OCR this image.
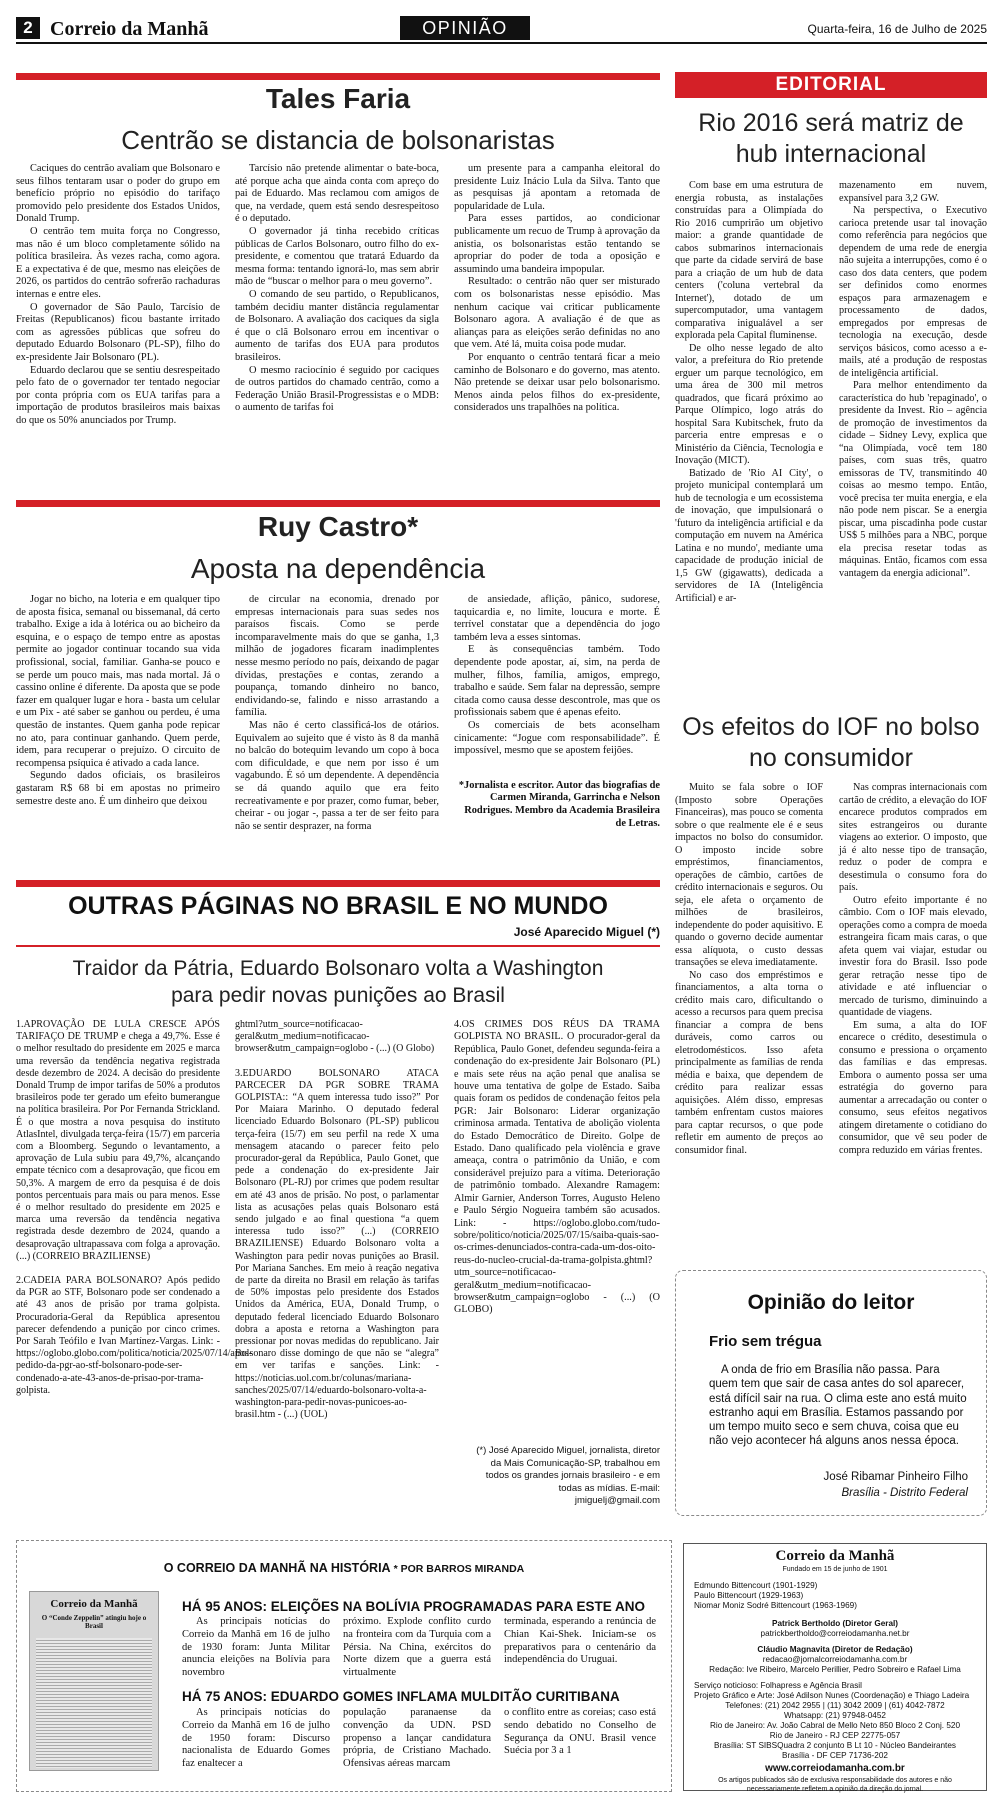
2 Correio da Manhã	OPINIÃO	Quarta-feira, 16 de Julho de 2025
Tales Faria
Centrão se distancia de bolsonaristas

Caciques do centrão avaliam que Bolsonaro e seus filhos tentaram usar o poder do grupo em benefício próprio no episódio do tarifaço promovido pelo presidente dos Estados Unidos, Donald Trump.

O centrão tem muita força no Congresso, mas não é um bloco completamente sólido na política brasileira. Às vezes racha, como agora. E a expectativa é de que, mesmo nas eleições de 2026, os partidos do centrão sofrerão rachaduras internas e entre eles.

O governador de São Paulo, Tarcísio de Freitas (Republicanos) ficou bastante irritado com as agressões públicas que sofreu do deputado Eduardo Bolsonaro (PL-SP), filho do ex-presidente Jair Bolsonaro (PL).

Eduardo declarou que se sentiu desrespeitado pelo fato de o governador ter tentado negociar por conta própria com os EUA tarifas para a importação de produtos brasileiros mais baixas do que os 50% anunciados por Trump.

Tarcísio não pretende alimentar o bate-boca, até porque acha que ainda conta com apreço do pai de Eduardo. Mas reclamou com amigos de que, na verdade, quem está sendo desrespeitoso é o deputado.

O governador já tinha recebido críticas públicas de Carlos Bolsonaro, outro filho do ex-presidente, e comentou que tratará Eduardo da mesma forma: tentando ignorá-lo, mas sem abrir mão de “buscar o melhor para o meu governo”.

O comando de seu partido, o Republicanos, também decidiu manter distância regulamentar de Bolsonaro. A avaliação dos caciques da sigla é que o clã Bolsonaro errou em incentivar o aumento de tarifas dos EUA para produtos brasileiros.

O mesmo raciocínio é seguido por caciques de outros partidos do chamado centrão, como a Federação União Brasil-Progressistas e o MDB: o aumento de tarifas foi

um presente para a campanha eleitoral do presidente Luiz Inácio Lula da Silva. Tanto que as pesquisas já apontam a retomada de popularidade de Lula.

Para esses partidos, ao condicionar publicamente um recuo de Trump à aprovação da anistia, os bolsonaristas estão tentando se apropriar do poder de toda a oposição e assumindo uma bandeira impopular.

Resultado: o centrão não quer ser misturado com os bolsonaristas nesse episódio. Mas nenhum cacique vai criticar publicamente Bolsonaro agora. A avaliação é de que as alianças para as eleições serão definidas no ano que vem. Até lá, muita coisa pode mudar.

Por enquanto o centrão tentará ficar a meio caminho de Bolsonaro e do governo, mas atento. Não pretende se deixar usar pelo bolsonarismo. Menos ainda pelos filhos do ex-presidente, considerados uns trapalhões na política.

Ruy Castro*
Aposta na dependência

Jogar no bicho, na loteria e em qualquer tipo de aposta física, semanal ou bissemanal, dá certo trabalho. Exige a ida à lotérica ou ao bicheiro da esquina, e o espaço de tempo entre as apostas permite ao jogador continuar tocando sua vida profissional, social, familiar. Ganha-se pouco e se perde um pouco mais, mas nada mortal. Já o cassino online é diferente. Da aposta que se pode fazer em qualquer lugar e hora - basta um celular e um Pix - até saber se ganhou ou perdeu, é uma questão de instantes. Quem ganha pode repicar no ato, para continuar ganhando. Quem perde, idem, para recuperar o prejuízo. O circuito de recompensa psíquica é ativado a cada lance.

Segundo dados oficiais, os brasileiros gastaram R$ 68 bi em apostas no primeiro semestre deste ano. É um dinheiro que deixou

de circular na economia, drenado por empresas internacionais para suas sedes nos paraísos fiscais. Como se perde incomparavelmente mais do que se ganha, 1,3 milhão de jogadores ficaram inadimplentes nesse mesmo período no país, deixando de pagar dívidas, prestações e contas, zerando a poupança, tomando dinheiro no banco, endividando-se, falindo e nisso arrastando a família.

Mas não é certo classificá-los de otários. Equivalem ao sujeito que é visto às 8 da manhã no balcão do botequim levando um copo à boca com dificuldade, e que nem por isso é um vagabundo. É só um dependente. A dependência se dá quando aquilo que era feito recreativamente e por prazer, como fumar, beber, cheirar - ou jogar -, passa a ter de ser feito para não se sentir desprazer, na forma

de ansiedade, aflição, pânico, sudorese, taquicardia e, no limite, loucura e morte. É terrível constatar que a dependência do jogo também leva a esses sintomas.

E às consequências também. Todo dependente pode apostar, aí, sim, na perda de mulher, filhos, família, amigos, emprego, trabalho e saúde. Sem falar na depressão, sempre citada como causa desse descontrole, mas que os profissionais sabem que é apenas efeito.

Os comerciais de bets aconselham cinicamente: “Jogue com responsabilidade”. É impossível, mesmo que se apostem feijões.

*Jornalista e escritor. Autor das biografias de Carmen Miranda, Garrincha e Nelson Rodrigues. Membro da Academia Brasileira de Letras.

OUTRAS PÁGINAS NO BRASIL E NO MUNDO
José Aparecido Miguel (*)
Traidor da Pátria, Eduardo Bolsonaro volta a Washington para pedir novas punições ao Brasil

1.APROVAÇÃO DE LULA CRESCE APÓS TARIFAÇO DE TRUMP e chega a 49,7%. Esse é o melhor resultado do presidente em 2025 e marca uma reversão da tendência negativa registrada desde dezembro de 2024. A decisão do presidente Donald Trump de impor tarifas de 50% a produtos brasileiros pode ter gerado um efeito bumerangue na política brasileira. Por Por Fernanda Strickland. É o que mostra a nova pesquisa do instituto AtlasIntel, divulgada terça-feira (15/7) em parceria com a Bloomberg. Segundo o levantamento, a aprovação de Lula subiu para 49,7%, alcançando empate técnico com a desaprovação, que ficou em 50,3%. A margem de erro da pesquisa é de dois pontos percentuais para mais ou para menos. Esse é o melhor resultado do presidente em 2025 e marca uma reversão da tendência negativa registrada desde dezembro de 2024, quando a desaprovação ultrapassava com folga a aprovação. (...) (CORREIO BRAZILIENSE)

2.CADEIA PARA BOLSONARO? Após pedido da PGR ao STF, Bolsonaro pode ser condenado a até 43 anos de prisão por trama golpista. Procuradoria-Geral da República apresentou parecer defendendo a punição por cinco crimes. Por Sarah Teófilo e Ivan Martínez-Vargas. Link: - https://oglobo.globo.com/politica/noticia/2025/07/14/apos-pedido-da-pgr-ao-stf-bolsonaro-pode-ser-condenado-a-ate-43-anos-de-prisao-por-trama-golpista.

ghtml?utm_source=notificacao-geral&utm_medium=notificacao-browser&utm_campaign=oglobo - (...) (O Globo)

3.EDUARDO BOLSONARO ATACA PARCECER DA PGR SOBRE TRAMA GOLPISTA:: “A quem interessa tudo isso?” Por Por Maiara Marinho. O deputado federal licenciado Eduardo Bolsonaro (PL-SP) publicou terça-feira (15/7) em seu perfil na rede X uma mensagem atacando o parecer feito pelo procurador-geral da República, Paulo Gonet, que pede a condenação do ex-presidente Jair Bolsonaro (PL-RJ) por crimes que podem resultar em até 43 anos de prisão. No post, o parlamentar lista as acusações pelas quais Bolsonaro está sendo julgado e ao final questiona “a quem interessa tudo isso?” (...) (CORREIO BRAZILIENSE) Eduardo Bolsonaro volta a Washington para pedir novas punições ao Brasil. Por Mariana Sanches. Em meio à reação negativa de parte da direita no Brasil em relação às tarifas de 50% impostas pelo presidente dos Estados Unidos da América, EUA, Donald Trump, o deputado federal licenciado Eduardo Bolsonaro dobra a aposta e retorna a Washington para pressionar por novas medidas do republicano. Jair Bolsonaro disse domingo de que não se “alegra” em ver tarifas e sanções. Link: - https://noticias.uol.com.br/colunas/mariana-sanches/2025/07/14/eduardo-bolsonaro-volta-a-washington-para-pedir-novas-punicoes-ao-brasil.htm - (...) (UOL)

4.OS CRIMES DOS RÉUS DA TRAMA GOLPISTA NO BRASIL. O procurador-geral da República, Paulo Gonet, defendeu segunda-feira a condenação do ex-presidente Jair Bolsonaro (PL) e mais sete réus na ação penal que analisa se houve uma tentativa de golpe de Estado. Saiba quais foram os pedidos de condenação feitos pela PGR: Jair Bolsonaro: Liderar organização criminosa armada. Tentativa de abolição violenta do Estado Democrático de Direito. Golpe de Estado. Dano qualificado pela violência e grave ameaça, contra o patrimônio da União, e com considerável prejuízo para a vítima. Deterioração de patrimônio tombado. Alexandre Ramagem: Almir Garnier, Anderson Torres, Augusto Heleno e Paulo Sérgio Nogueira também são acusados. Link: - https://oglobo.globo.com/tudo-sobre/politico/noticia/2025/07/15/saiba-quais-sao-os-crimes-denunciados-contra-cada-um-dos-oito-reus-do-nucleo-crucial-da-trama-golpista.ghtml?utm_source=notificacao-geral&utm_medium=notificacao-browser&utm_campaign=oglobo - (...) (O GLOBO)

(*) José Aparecido Miguel, jornalista, diretor da Mais Comunicação-SP, trabalhou em todos os grandes jornais brasileiro - e em todas as mídias. E-mail: jmiguelj@gmail.com
EDITORIAL
Rio 2016 será matriz de hub internacional

Com base em uma estrutura de energia robusta, as instalações construídas para a Olimpíada do Rio 2016 cumprirão um objetivo maior: a grande quantidade de cabos submarinos internacionais que parte da cidade servirá de base para a criação de um hub de data centers ('coluna vertebral da Internet'), dotado de um supercomputador, uma vantagem comparativa inigualável a ser explorada pela Capital fluminense.

De olho nesse legado de alto valor, a prefeitura do Rio pretende erguer um parque tecnológico, em uma área de 300 mil metros quadrados, que ficará próximo ao Parque Olímpico, logo atrás do hospital Sara Kubitschek, fruto da parceria entre empresas e o Ministério da Ciência, Tecnologia e Inovação (MICT).

Batizado de 'Rio AI City', o projeto municipal contemplará um hub de tecnologia e um ecossistema de inovação, que impulsionará o 'futuro da inteligência artificial e da computação em nuvem na América Latina e no mundo', mediante uma capacidade de produção inicial de 1,5 GW (gigawatts), dedicada a servidores de IA (Inteligência Artificial) e ar-

mazenamento em nuvem, expansível para 3,2 GW.

Na perspectiva, o Executivo carioca pretende usar tal inovação como referência para negócios que dependem de uma rede de energia não sujeita a interrupções, como é o caso dos data centers, que podem ser definidos como enormes espaços para armazenagem e processamento de dados, empregados por empresas de tecnologia na execução, desde serviços básicos, como acesso a e-mails, até a produção de respostas de inteligência artificial.

Para melhor entendimento da característica do hub 'repaginado', o presidente da Invest. Rio – agência de promoção de investimentos da cidade – Sidney Levy, explica que “na Olimpíada, você tem 180 países, com suas três, quatro emissoras de TV, transmitindo 40 coisas ao mesmo tempo. Então, você precisa ter muita energia, e ela não pode nem piscar. Se a energia piscar, uma piscadinha pode custar US$ 5 milhões para a NBC, porque ela precisa resetar todas as máquinas. Então, ficamos com essa vantagem da energia adicional”.

Os efeitos do IOF no bolso no consumidor

Muito se fala sobre o IOF (Imposto sobre Operações Financeiras), mas pouco se comenta sobre o que realmente ele é e seus impactos no bolso do consumidor. O imposto incide sobre empréstimos, financiamentos, operações de câmbio, cartões de crédito internacionais e seguros. Ou seja, ele afeta o orçamento de milhões de brasileiros, independente do poder aquisitivo. E quando o governo decide aumentar essa alíquota, o custo dessas transações se eleva imediatamente.

No caso dos empréstimos e financiamentos, a alta torna o crédito mais caro, dificultando o acesso a recursos para quem precisa financiar a compra de bens duráveis, como carros ou eletrodomésticos. Isso afeta principalmente as famílias de renda média e baixa, que dependem de crédito para realizar essas aquisições. Além disso, empresas também enfrentam custos maiores para captar recursos, o que pode refletir em aumento de preços ao consumidor final.

Nas compras internacionais com cartão de crédito, a elevação do IOF encarece produtos comprados em sites estrangeiros ou durante viagens ao exterior. O imposto, que já é alto nesse tipo de transação, reduz o poder de compra e desestimula o consumo fora do país.

Outro efeito importante é no câmbio. Com o IOF mais elevado, operações como a compra de moeda estrangeira ficam mais caras, o que afeta quem vai viajar, estudar ou investir fora do Brasil. Isso pode gerar retração nesse tipo de atividade e até influenciar o mercado de turismo, diminuindo a quantidade de viagens.

Em suma, a alta do IOF encarece o crédito, desestimula o consumo e pressiona o orçamento das famílias e das empresas. Embora o aumento possa ser uma estratégia do governo para aumentar a arrecadação ou conter o consumo, seus efeitos negativos atingem diretamente o cotidiano do consumidor, que vê seu poder de compra reduzido em várias frentes.

Opinião do leitor
Frio sem trégua
A onda de frio em Brasília não passa. Para quem tem que sair de casa antes do sol aparecer, está difícil sair na rua. O clima este ano está muito estranho aqui em Brasília. Estamos passando por um tempo muito seco e sem chuva, coisa que eu não vejo acontecer há alguns anos nessa época.
José Ribamar Pinheiro Filho
Brasília - Distrito Federal
O CORREIO DA MANHÃ NA HISTÓRIA * POR BARROS MIRANDA
Correio da Manhã
O “Conde Zeppelin” atingiu hoje o Brasil
HÁ 95 ANOS: ELEIÇÕES NA BOLÍVIA PROGRAMADAS PARA ESTE ANO
As principais notícias do Correio da Manhã em 16 de julho de 1930 foram: Junta Militar anuncia eleições na Bolívia para novembro
próximo. Explode conflito curdo na fronteira com da Turquia com a Pérsia. Na China, exércitos do Norte dizem que a guerra está virtualmente
terminada, esperando a renúncia de Chian Kai-Shek. Iniciam-se os preparativos para o centenário da independência do Uruguai.
HÁ 75 ANOS: EDUARDO GOMES INFLAMA MULDITÃO CURITIBANA
As principais notícias do Correio da Manhã em 16 de julho de 1950 foram: Discurso nacionalista de Eduardo Gomes faz enaltecer a
população paranaense da convenção da UDN. PSD propenso a lançar candidatura própria, de Cristiano Machado. Ofensivas aéreas marcam
o conflito entre as coreias; caso está sendo debatido no Conselho de Segurança da ONU. Brasil vence Suécia por 3 a 1
Correio da Manhã
Fundado em 15 de junho de 1901
Edmundo Bittencourt (1901-1929)
Paulo Bittencourt (1929-1963)
Niomar Moniz Sodré Bittencourt (1963-1969)
Patrick Bertholdo (Diretor Geral)
patrickbertholdo@correiodamanha.net.br
Cláudio Magnavita (Diretor de Redação)
redacao@jornalcorreiodamanha.com.br
Redação: Ive Ribeiro, Marcelo Perillier, Pedro Sobreiro e Rafael Lima
Serviço noticioso: Folhapress e Agência Brasil
Projeto Gráfico e Arte: José Adilson Nunes (Coordenação) e Thiago Ladeira
Telefones: (21) 2042 2955 | (11) 3042 2009 | (61) 4042-7872
Whatsapp: (21) 97948-0452
Rio de Janeiro: Av. João Cabral de Mello Neto 850 Bloco 2 Conj. 520
Rio de Janeiro - RJ CEP 22775-057
Brasília: ST SIBSQuadra 2 conjunto B Lt 10 - Núcleo Bandeirantes
Brasília - DF CEP 71736-202
www.correiodamanha.com.br
Os artigos publicados são de exclusiva responsabilidade dos autores e não necessariamente refletem a opinião da direção do jornal.
